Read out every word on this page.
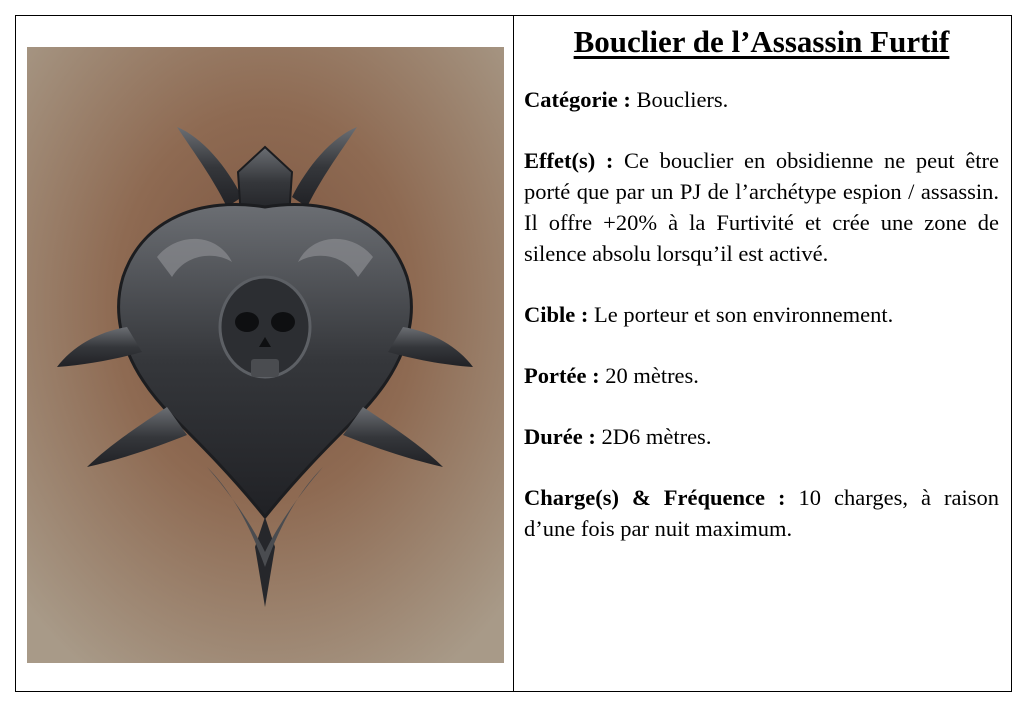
Bouclier de l’Assassin Furtif

Catégorie : Boucliers.

Effet(s) : Ce bouclier en obsidienne ne peut être porté que par un PJ de l’archétype espion / assassin. Il offre +20% à la Furtivité et crée une zone de silence absolu lorsqu’il est activé.

Cible : Le porteur et son environnement.

Portée : 20 mètres.

Durée : 2D6 mètres.

Charge(s) & Fréquence : 10 charges, à raison d’une fois par nuit maximum.
